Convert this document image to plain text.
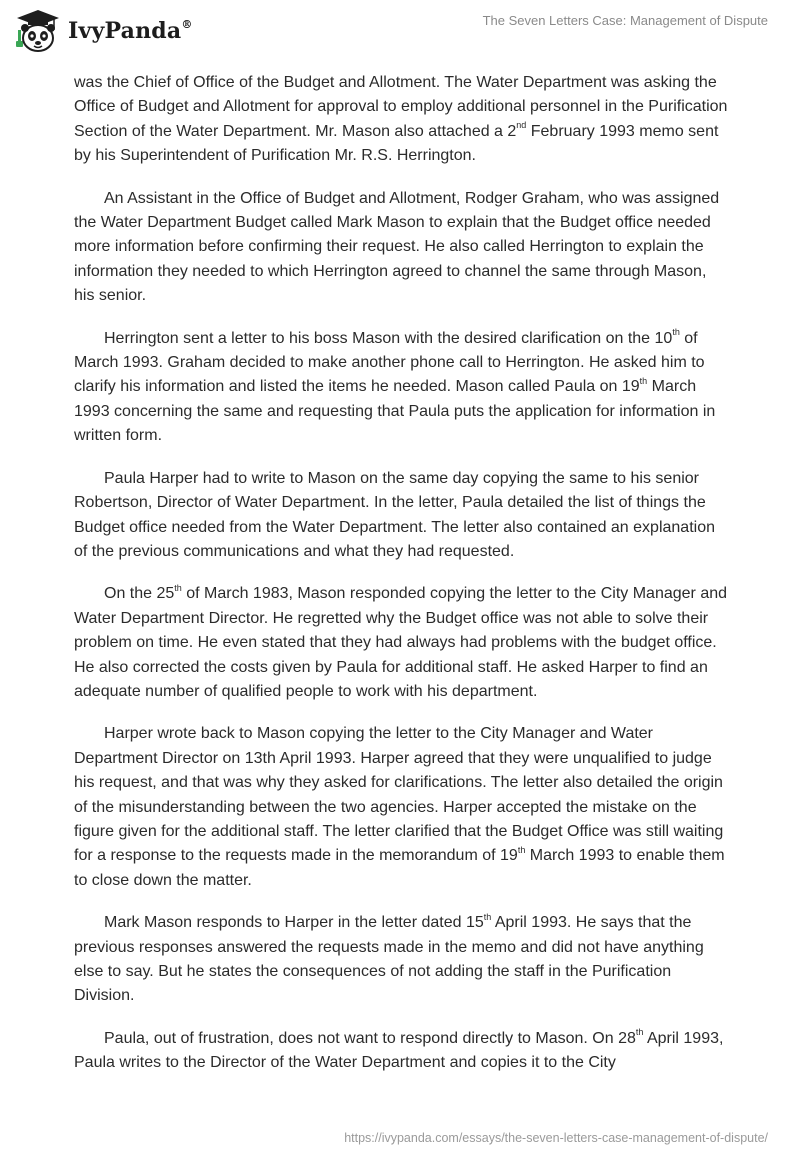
IvyPanda®	The Seven Letters Case: Management of Dispute

was the Chief of Office of the Budget and Allotment. The Water Department was asking the Office of Budget and Allotment for approval to employ additional personnel in the Purification Section of the Water Department. Mr. Mason also attached a 2nd February 1993 memo sent by his Superintendent of Purification Mr. R.S. Herrington.

An Assistant in the Office of Budget and Allotment, Rodger Graham, who was assigned the Water Department Budget called Mark Mason to explain that the Budget office needed more information before confirming their request. He also called Herrington to explain the information they needed to which Herrington agreed to channel the same through Mason, his senior.

Herrington sent a letter to his boss Mason with the desired clarification on the 10th of March 1993. Graham decided to make another phone call to Herrington. He asked him to clarify his information and listed the items he needed. Mason called Paula on 19th March 1993 concerning the same and requesting that Paula puts the application for information in written form.

Paula Harper had to write to Mason on the same day copying the same to his senior Robertson, Director of Water Department. In the letter, Paula detailed the list of things the Budget office needed from the Water Department. The letter also contained an explanation of the previous communications and what they had requested.

On the 25th of March 1983, Mason responded copying the letter to the City Manager and Water Department Director. He regretted why the Budget office was not able to solve their problem on time. He even stated that they had always had problems with the budget office. He also corrected the costs given by Paula for additional staff. He asked Harper to find an adequate number of qualified people to work with his department.

Harper wrote back to Mason copying the letter to the City Manager and Water Department Director on 13th April 1993. Harper agreed that they were unqualified to judge his request, and that was why they asked for clarifications. The letter also detailed the origin of the misunderstanding between the two agencies. Harper accepted the mistake on the figure given for the additional staff. The letter clarified that the Budget Office was still waiting for a response to the requests made in the memorandum of 19th March 1993 to enable them to close down the matter.

Mark Mason responds to Harper in the letter dated 15th April 1993. He says that the previous responses answered the requests made in the memo and did not have anything else to say. But he states the consequences of not adding the staff in the Purification Division.

Paula, out of frustration, does not want to respond directly to Mason. On 28th April 1993, Paula writes to the Director of the Water Department and copies it to the City

https://ivypanda.com/essays/the-seven-letters-case-management-of-dispute/
